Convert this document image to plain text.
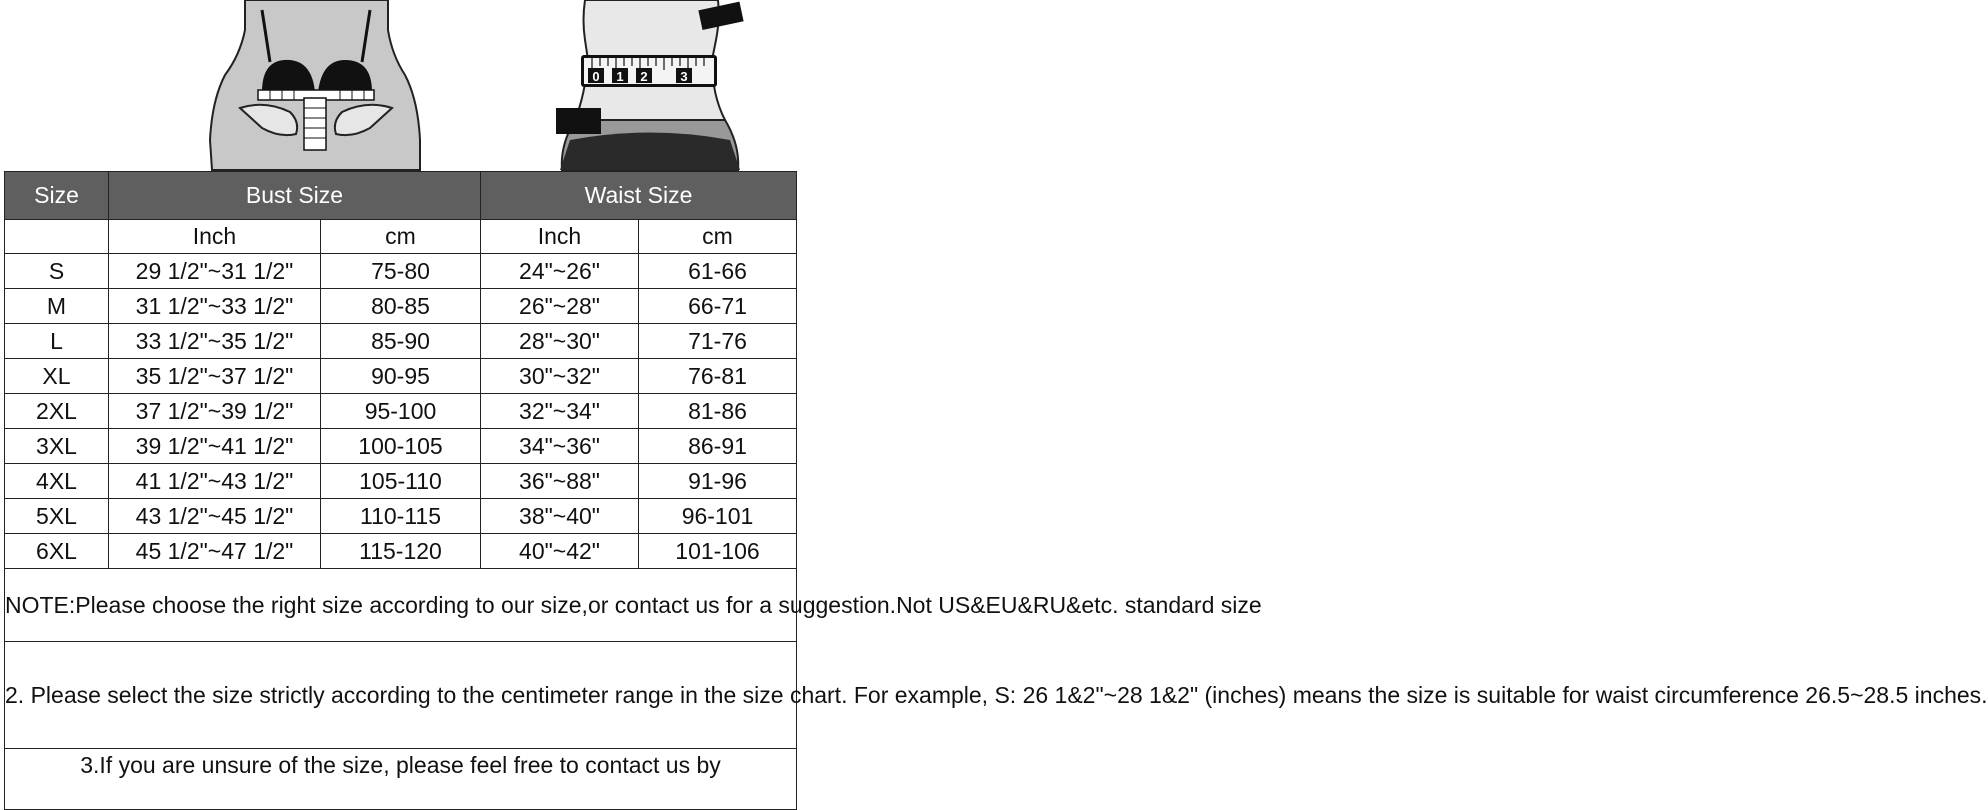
0 1 2	3
Size	Bust Size		Waist Size	
	Inch	cm	Inch	cm
S	29 1/2"~31 1/2"	75-80	24"~26"	61-66
M	31 1/2"~33 1/2"	80-85	26"~28"	66-71
L	33 1/2"~35 1/2"	85-90	28"~30"	71-76
XL	35 1/2"~37 1/2"	90-95	30"~32"	76-81
2XL	37 1/2"~39 1/2"	95-100	32"~34"	81-86
3XL	39 1/2"~41 1/2"	100-105	34"~36"	86-91
4XL	41 1/2"~43 1/2"	105-110	36"~88"	91-96
5XL	43 1/2"~45 1/2"	110-115	38"~40"	96-101
6XL	45 1/2"~47 1/2"	115-120	40"~42"	101-106
NOTE:Please choose the right size according to our size,or contact us for a suggestion.Not US&EU&RU&etc. standard size				
2. Please select the size strictly according to the centimeter range in the size chart. For example, S: 26 1&2"~28 1&2" (inches) means the size is suitable for waist circumference 26.5~28.5 inches.				
3.If you are unsure of the size, please feel free to contact us by				
